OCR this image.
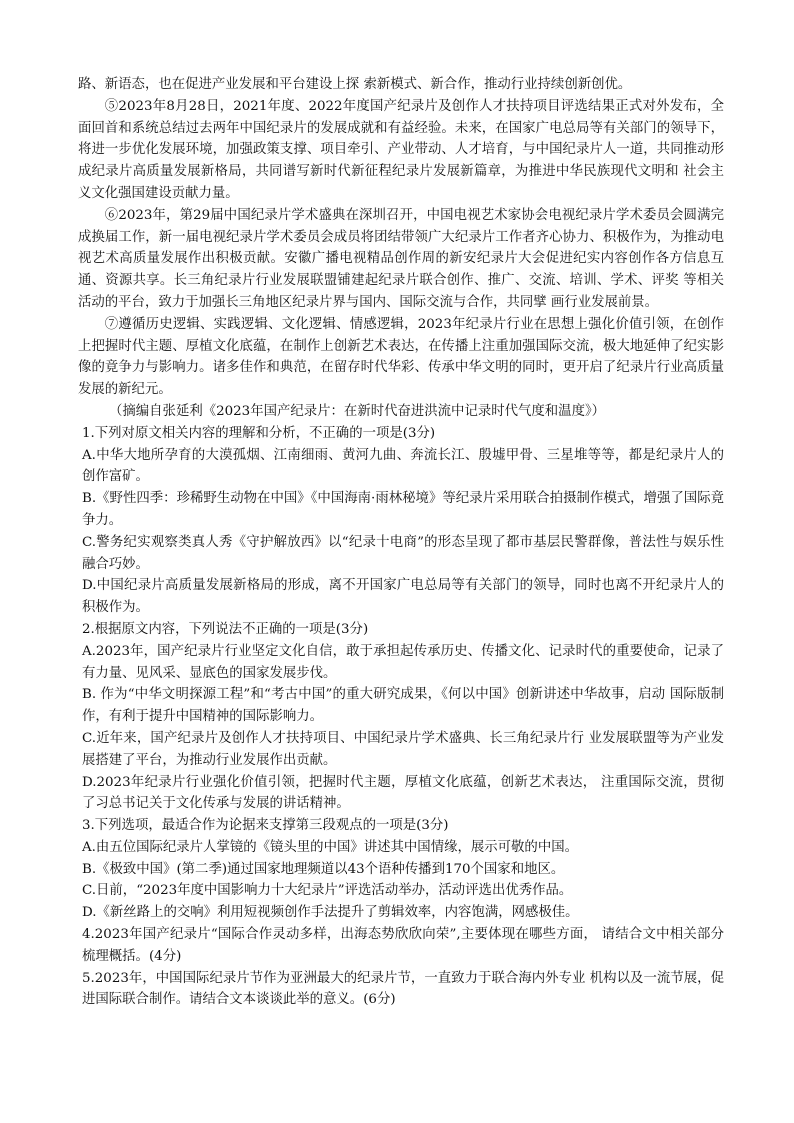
路、新语态，也在促进产业发展和平台建设上探 索新模式、新合作，推动行业持续创新创优。

⑤2023年8月28日，2021年度、2022年度国产纪录片及创作人才扶持项目评选结果正式对外发布，全面回首和系统总结过去两年中国纪录片的发展成就和有益经验。未来，在国家广电总局等有关部门的领导下，将进一步优化发展环境，加强政策支撑、项目牵引、产业带动、人才培育，与中国纪录片人一道，共同推动形成纪录片高质量发展新格局，共同谱写新时代新征程纪录片发展新篇章，为推进中华民族现代文明和 社会主义文化强国建设贡献力量。

⑥2023年，第29届中国纪录片学术盛典在深圳召开，中国电视艺术家协会电视纪录片学术委员会圆满完成换届工作，新一届电视纪录片学术委员会成员将团结带领广大纪录片工作者齐心协力、积极作为，为推动电视艺术高质量发展作出积极贡献。安徽广播电视精品创作周的新安纪录片大会促进纪实内容创作各方信息互通、资源共享。长三角纪录片行业发展联盟铺建起纪录片联合创作、推广、交流、培训、学术、评奖 等相关活动的平台，致力于加强长三角地区纪录片界与国内、国际交流与合作，共同擘 画行业发展前景。

⑦遵循历史逻辑、实践逻辑、文化逻辑、情感逻辑，2023年纪录片行业在思想上强化价值引领，在创作上把握时代主题、厚植文化底蕴，在制作上创新艺术表达，在传播上注重加强国际交流，极大地延伸了纪实影像的竟争力与影响力。诸多佳作和典范，在留存时代华彩、传承中华文明的同时，更开启了纪录片行业高质量发展的新纪元。

（摘编自张延利《2023年国产纪录片：在新时代奋进洪流中记录时代气度和温度》）

1.下列对原文相关内容的理解和分析，不正确的一项是(3分)

A.中华大地所孕育的大漠孤烟、江南细雨、黄河九曲、奔流长江、殷墟甲骨、三星堆等等，都是纪录片人的创作富矿。

B.《野性四季：珍稀野生动物在中国》《中国海南·雨林秘境》等纪录片采用联合拍摄制作模式，增强了国际竟争力。

C.警务纪实观察类真人秀《守护解放西》以“纪录十电商”的形态呈现了都市基层民警群像，普法性与娱乐性融合巧妙。

D.中国纪录片高质量发展新格局的形成，离不开国家广电总局等有关部门的领导，同时也离不开纪录片人的积极作为。

2.根据原文内容，下列说法不正确的一项是(3分)

A.2023年，国产纪录片行业坚定文化自信，敢于承担起传承历史、传播文化、记录时代的重要使命，记录了有力量、见风采、显底色的国家发展步伐。

B. 作为“中华文明探源工程”和“考古中国”的重大研究成果，《何以中国》创新讲述中华故事，启动 国际版制作，有利于提升中国精神的国际影响力。

C.近年来，国产纪录片及创作人才扶持项目、中国纪录片学术盛典、长三角纪录片行 业发展联盟等为产业发展搭建了平台，为推动行业发展作出贡献。

D.2023年纪录片行业强化价值引领，把握时代主题，厚植文化底蕴，创新艺术表达， 注重国际交流，贯彻了习总书记关于文化传承与发展的讲话精神。

3.下列选项，最适合作为论据来支撑第三段观点的一项是(3分)

A.由五位国际纪录片人掌镜的《镜头里的中国》讲述其中国情缘，展示可敬的中国。

B.《极致中国》(第二季)通过国家地理频道以43个语种传播到170个国家和地区。

C.日前，“2023年度中国影响力十大纪录片”评选活动举办，活动评选出优秀作品。

D.《新丝路上的交响》利用短视频创作手法提升了剪辑效率，内容饱满，网感极佳。

4.2023年国产纪录片“国际合作灵动多样，出海态势欣欣向荣”,主要体现在哪些方面， 请结合文中相关部分梳理概括。(4分)

5.2023年，中国国际纪录片节作为亚洲最大的纪录片节，一直致力于联合海内外专业 机构以及一流节展，促进国际联合制作。请结合文本谈谈此举的意义。(6分)
